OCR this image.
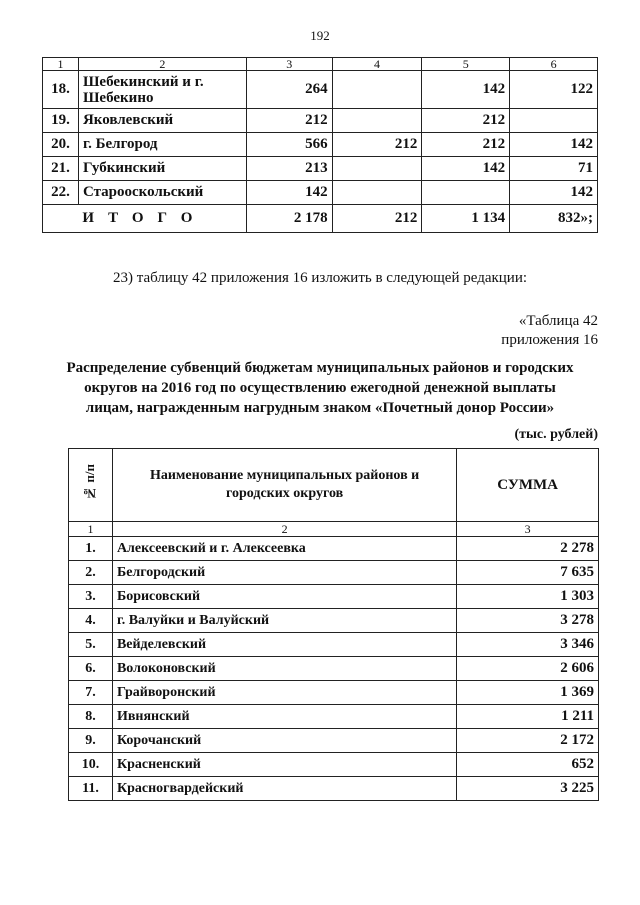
192
1	2	3	4	5	6
18.	Шебекинский и г. Шебекино	264		142	122
19.	Яковлевский	212		212	
20.	г. Белгород	566	212	212	142
21.	Губкинский	213		142	71
22.	Старооскольский	142			142
ИТОГО		2 178	212	1 134	832»;
23) таблицу 42 приложения 16 изложить в следующей редакции:
«Таблица 42
приложения 16
Распределение субвенций бюджетам муниципальных районов и городских округов на 2016 год по осуществлению ежегодной денежной выплаты лицам, награжденным нагрудным знаком «Почетный донор России»
(тыс. рублей)
№ п/п	Наименование муниципальных районов и городских округов	СУММА
1	2	3
1.	Алексеевский и г. Алексеевка	2 278
2.	Белгородский	7 635
3.	Борисовский	1 303
4.	г. Валуйки и Валуйский	3 278
5.	Вейделевский	3 346
6.	Волоконовский	2 606
7.	Грайворонский	1 369
8.	Ивнянский	1 211
9.	Корочанский	2 172
10.	Красненский	652
11.	Красногвардейский	3 225
